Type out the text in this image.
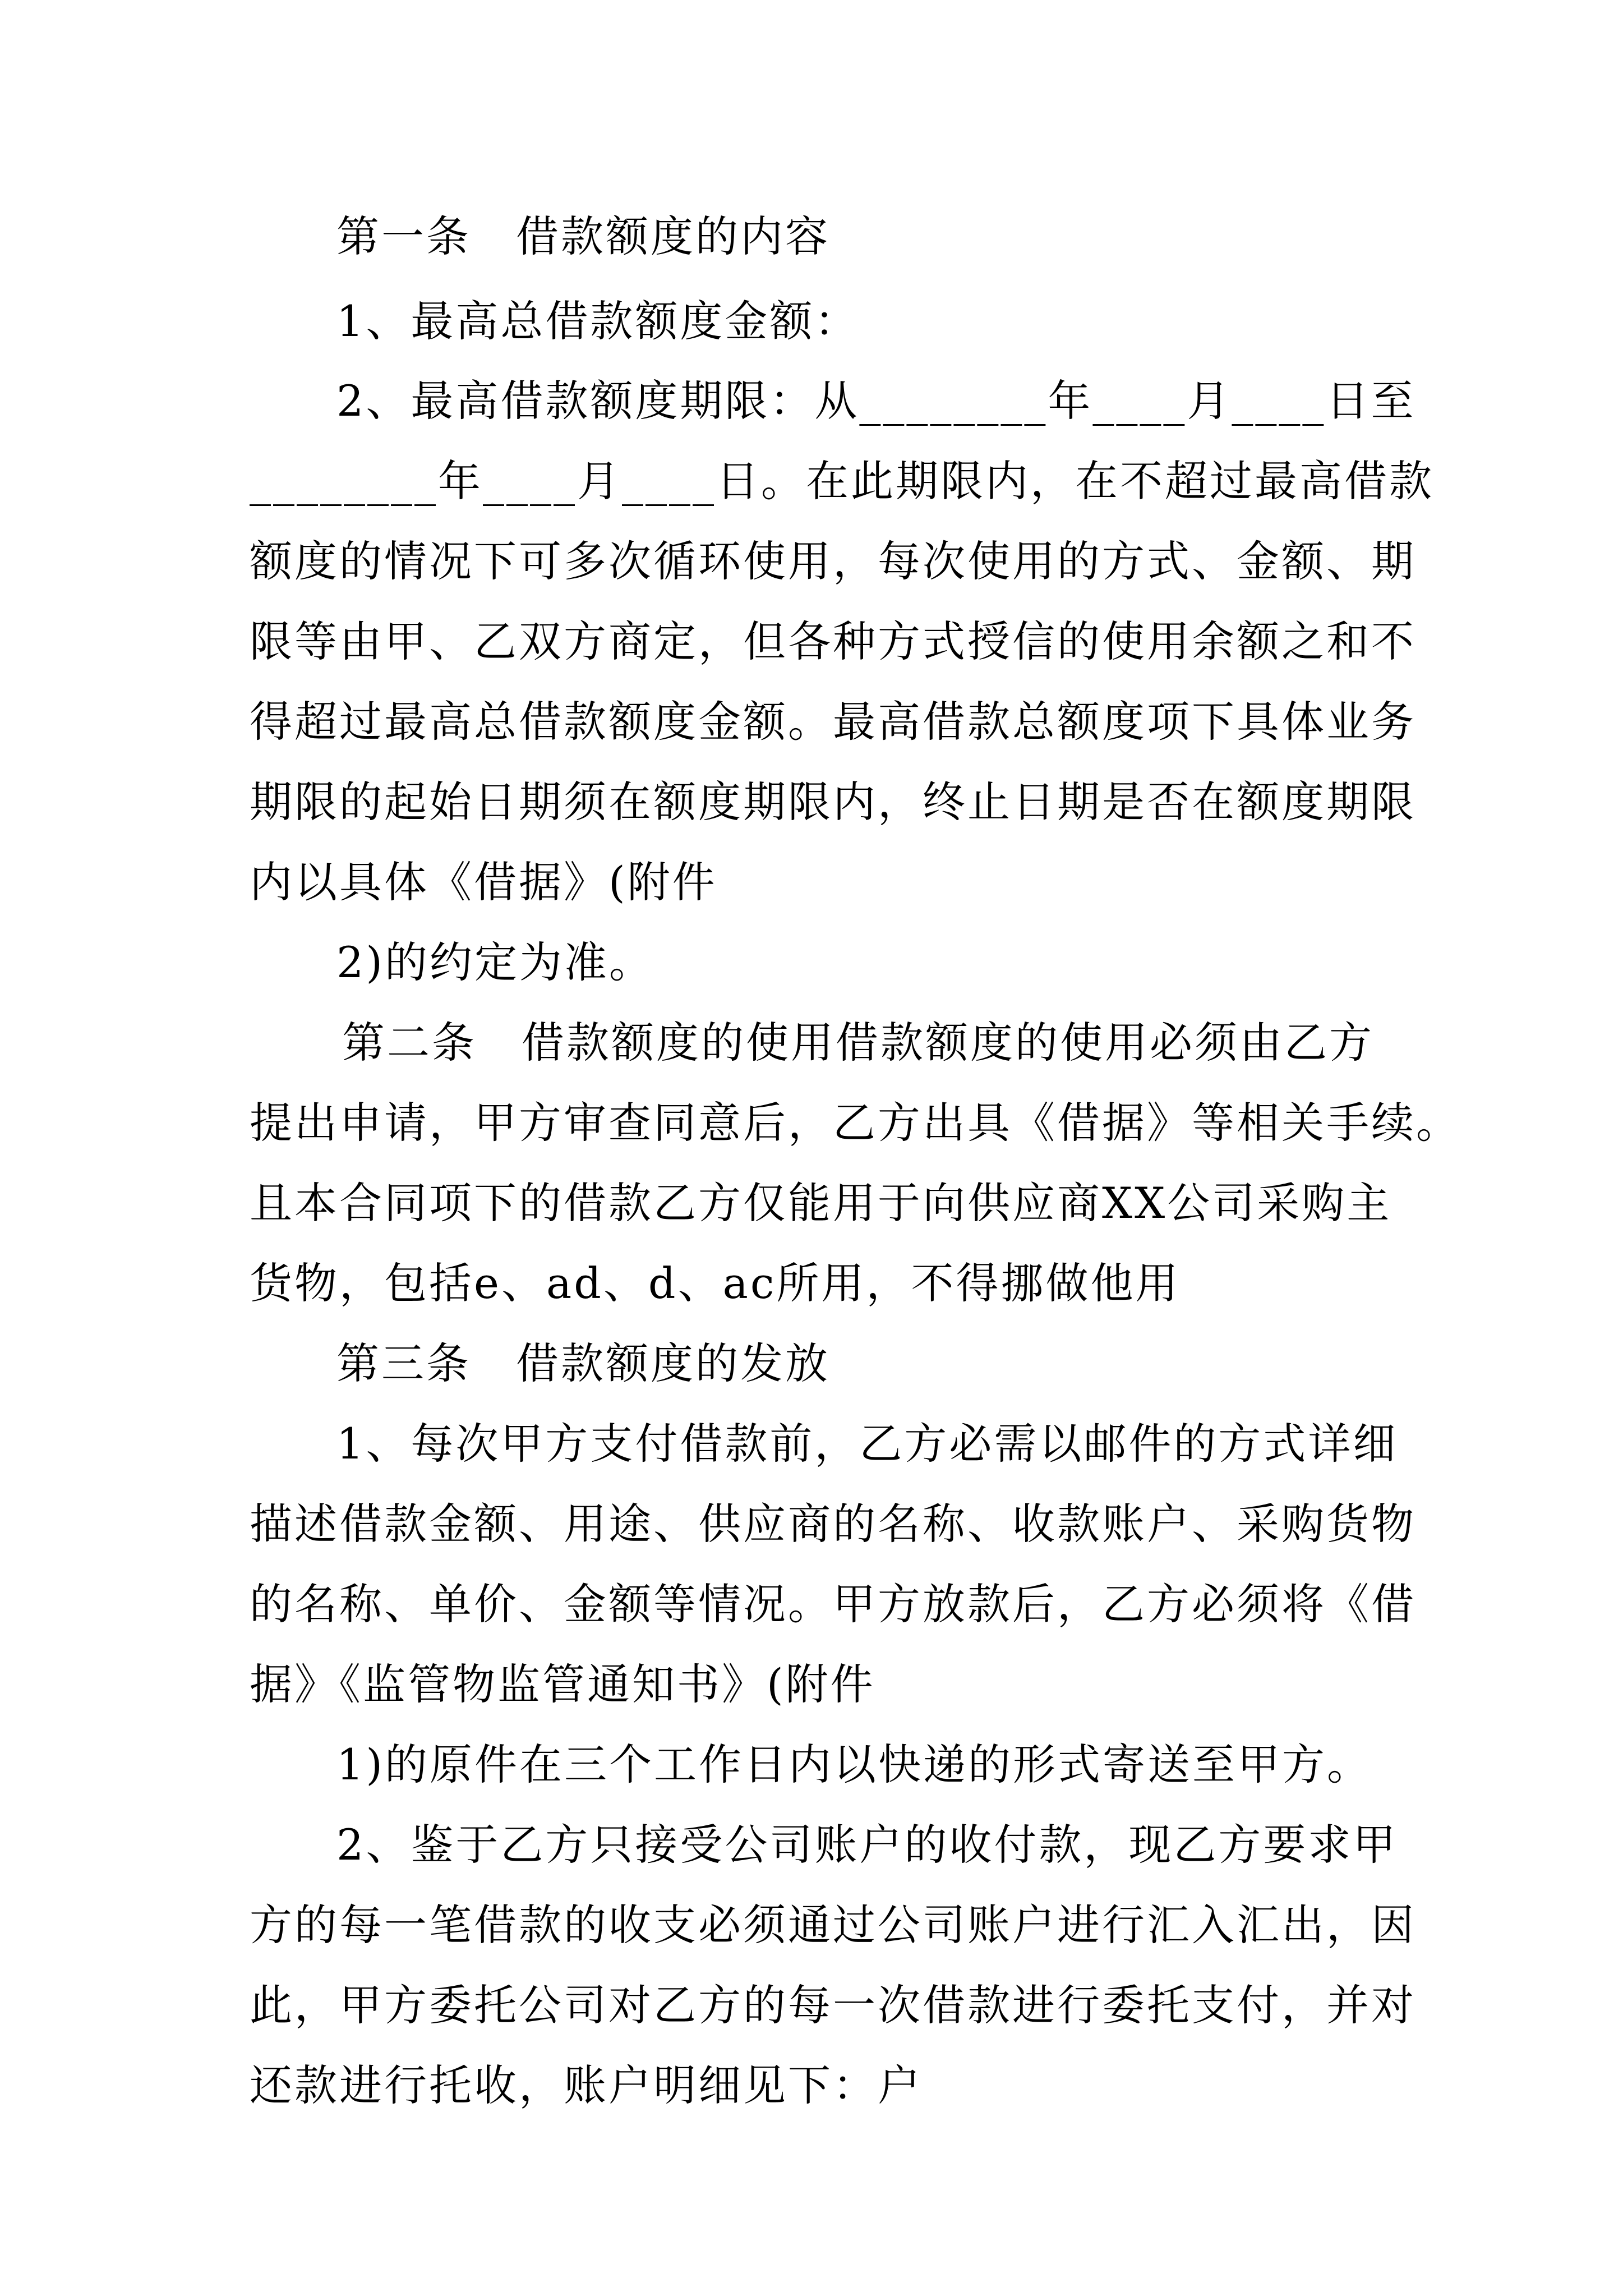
第一条　借款额度的内容
1、最高总借款额度金额：
2、最高借款额度期限：从________年____月____日至
________年____月____日。在此期限内，在不超过最高借款
额度的情况下可多次循环使用，每次使用的方式、金额、期
限等由甲、乙双方商定，但各种方式授信的使用余额之和不
得超过最高总借款额度金额。最高借款总额度项下具体业务
期限的起始日期须在额度期限内，终止日期是否在额度期限
内以具体《借据》(附件
2)的约定为准。
第二条　借款额度的使用借款额度的使用必须由乙方
提出申请，甲方审查同意后，乙方出具《借据》等相关手续。
且本合同项下的借款乙方仅能用于向供应商XX公司采购主
货物，包括e、ad、d、ac所用，不得挪做他用
第三条　借款额度的发放
1、每次甲方支付借款前，乙方必需以邮件的方式详细
描述借款金额、用途、供应商的名称、收款账户、采购货物
的名称、单价、金额等情况。甲方放款后，乙方必须将《借
据》《监管物监管通知书》(附件
1)的原件在三个工作日内以快递的形式寄送至甲方。
2、鉴于乙方只接受公司账户的收付款，现乙方要求甲
方的每一笔借款的收支必须通过公司账户进行汇入汇出，因
此，甲方委托公司对乙方的每一次借款进行委托支付，并对
还款进行托收，账户明细见下：户
